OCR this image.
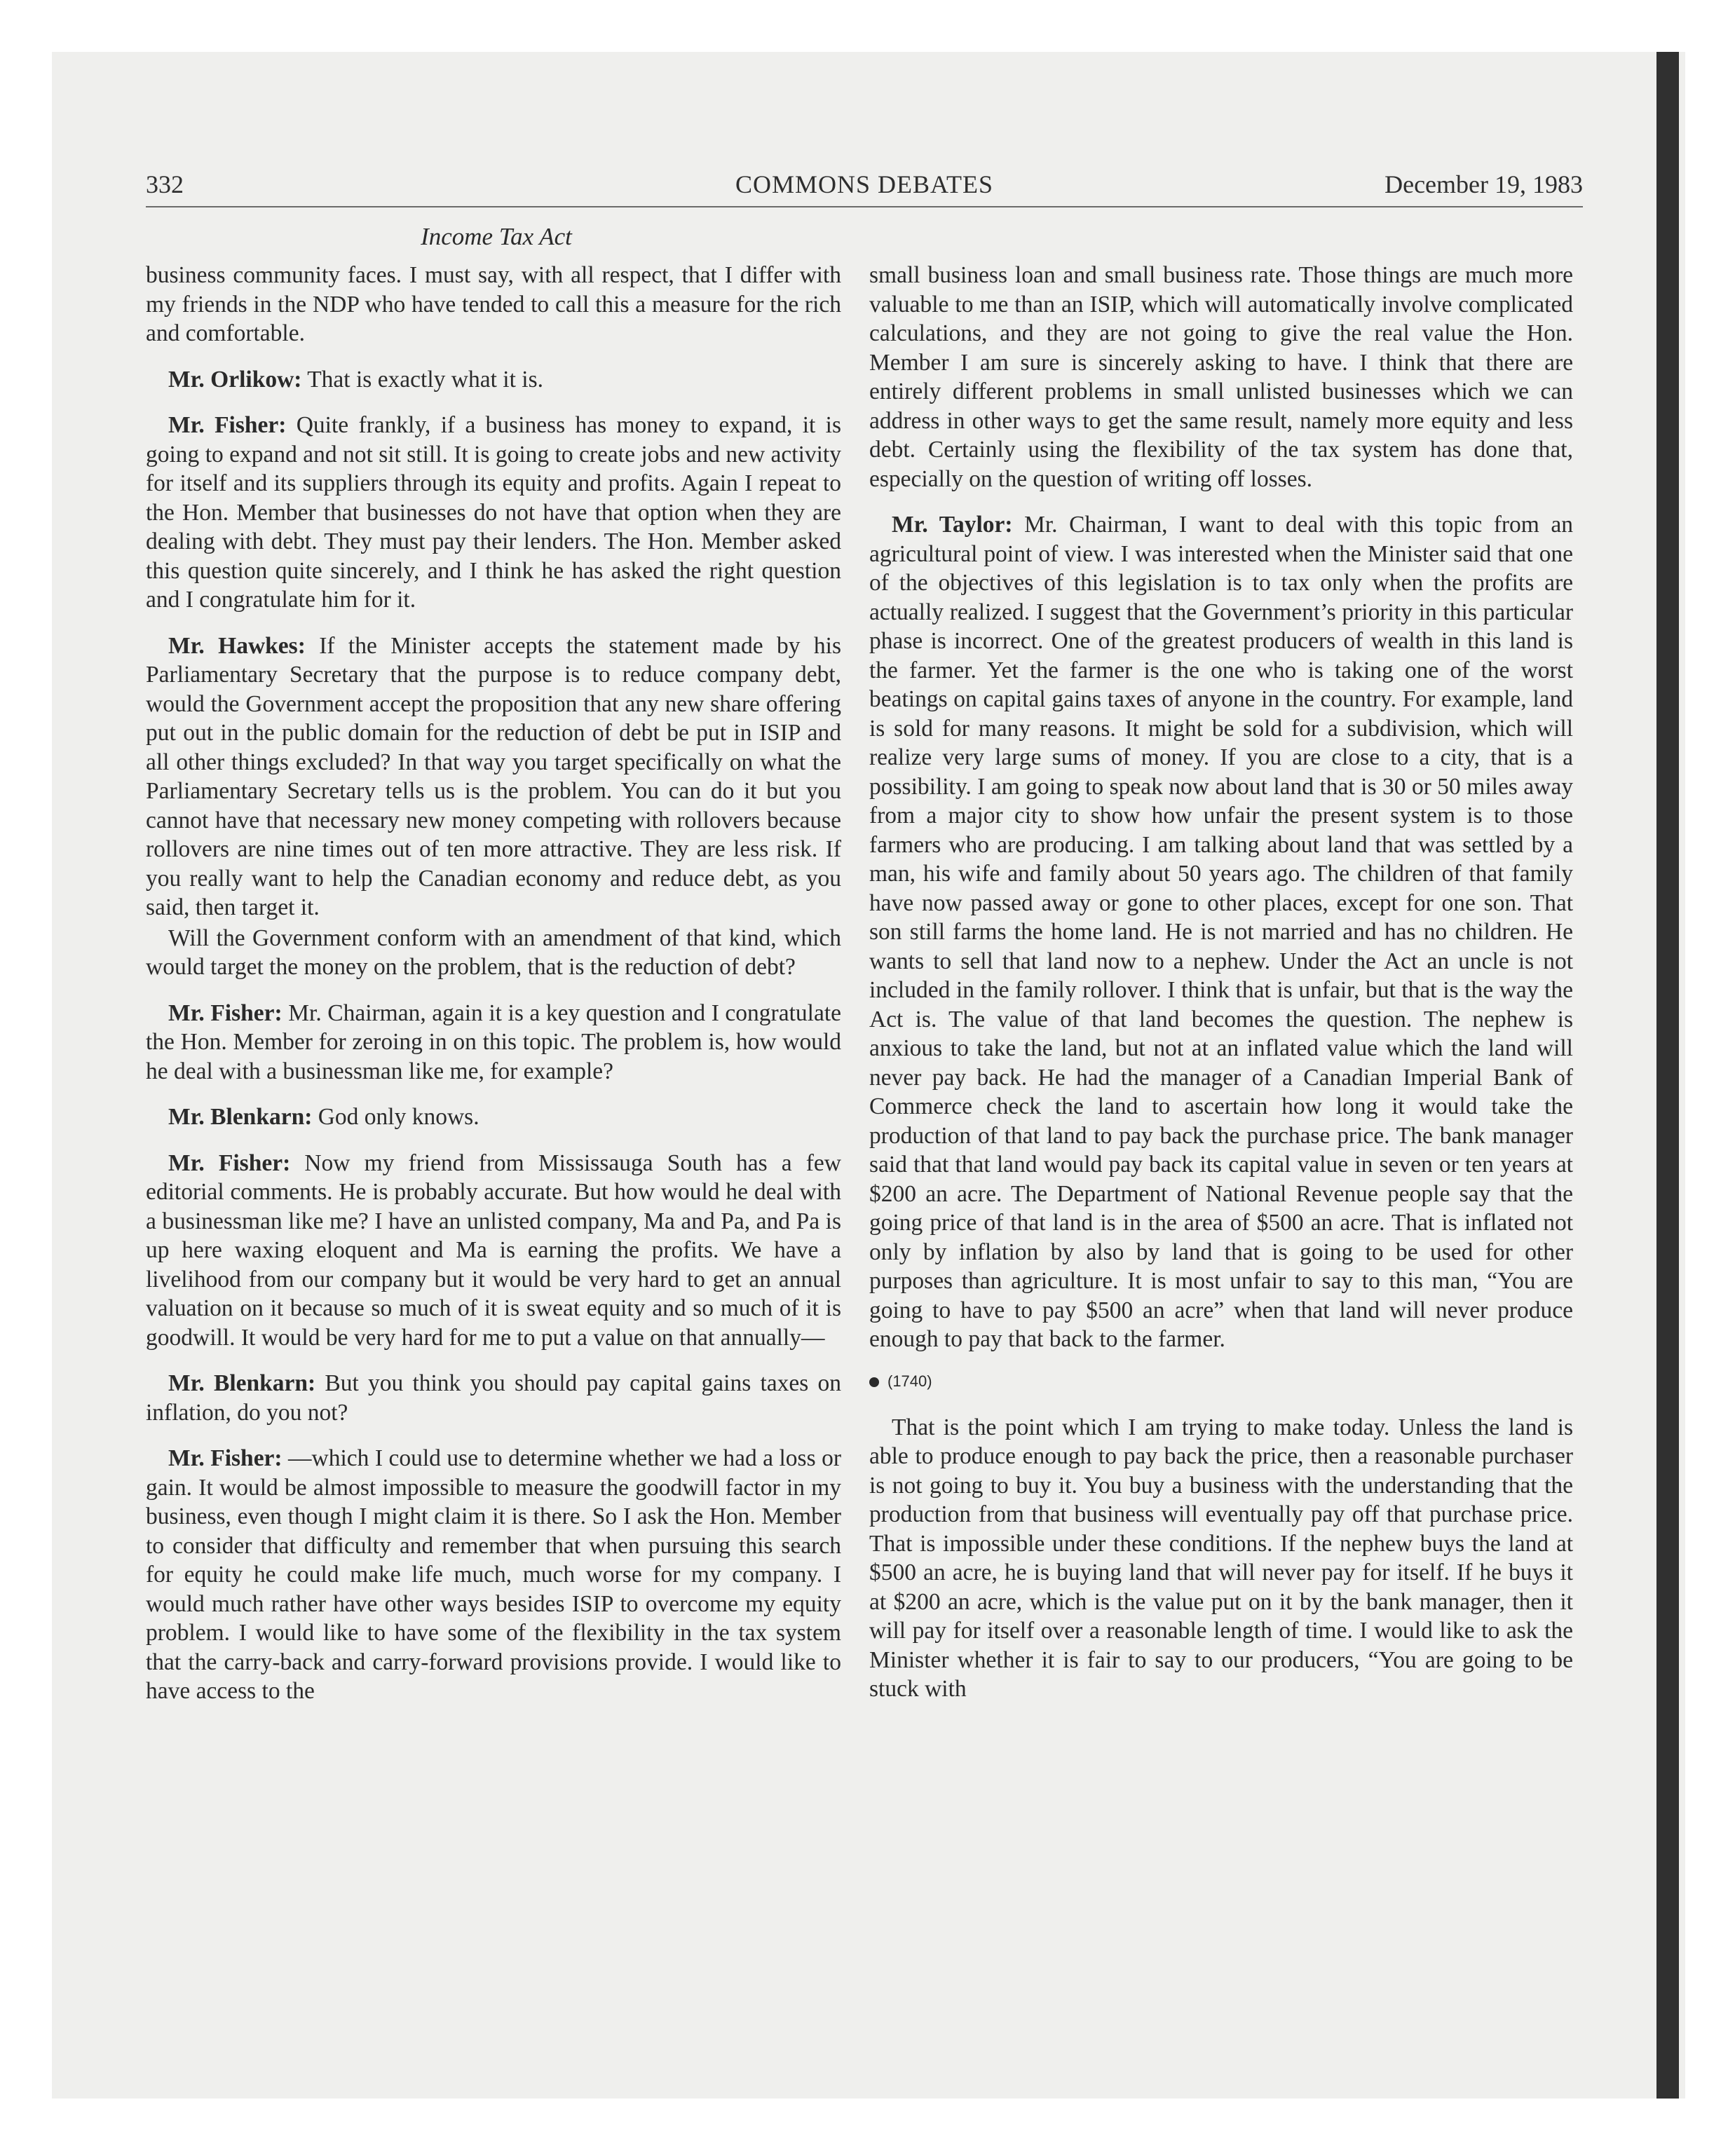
332	COMMONS DEBATES	December 19, 1983
Income Tax Act

business community faces. I must say, with all respect, that I differ with my friends in the NDP who have tended to call this a measure for the rich and comfortable.

Mr. Orlikow: That is exactly what it is.

Mr. Fisher: Quite frankly, if a business has money to expand, it is going to expand and not sit still. It is going to create jobs and new activity for itself and its suppliers through its equity and profits. Again I repeat to the Hon. Member that businesses do not have that option when they are dealing with debt. They must pay their lenders. The Hon. Member asked this question quite sincerely, and I think he has asked the right question and I congratulate him for it.

Mr. Hawkes: If the Minister accepts the statement made by his Parliamentary Secretary that the purpose is to reduce company debt, would the Government accept the proposition that any new share offering put out in the public domain for the reduction of debt be put in ISIP and all other things excluded? In that way you target specifically on what the Parliamentary Secretary tells us is the problem. You can do it but you cannot have that necessary new money competing with rollovers because rollovers are nine times out of ten more attractive. They are less risk. If you really want to help the Canadian economy and reduce debt, as you said, then target it.

Will the Government conform with an amendment of that kind, which would target the money on the problem, that is the reduction of debt?

Mr. Fisher: Mr. Chairman, again it is a key question and I congratulate the Hon. Member for zeroing in on this topic. The problem is, how would he deal with a businessman like me, for example?

Mr. Blenkarn: God only knows.

Mr. Fisher: Now my friend from Mississauga South has a few editorial comments. He is probably accurate. But how would he deal with a businessman like me? I have an unlisted company, Ma and Pa, and Pa is up here waxing eloquent and Ma is earning the profits. We have a livelihood from our company but it would be very hard to get an annual valuation on it because so much of it is sweat equity and so much of it is goodwill. It would be very hard for me to put a value on that annually—

Mr. Blenkarn: But you think you should pay capital gains taxes on inflation, do you not?

Mr. Fisher: —which I could use to determine whether we had a loss or gain. It would be almost impossible to measure the goodwill factor in my business, even though I might claim it is there. So I ask the Hon. Member to consider that difficulty and remember that when pursuing this search for equity he could make life much, much worse for my company. I would much rather have other ways besides ISIP to overcome my equity problem. I would like to have some of the flexibility in the tax system that the carry-back and carry-forward provisions provide. I would like to have access to the

small business loan and small business rate. Those things are much more valuable to me than an ISIP, which will automatically involve complicated calculations, and they are not going to give the real value the Hon. Member I am sure is sincerely asking to have. I think that there are entirely different problems in small unlisted businesses which we can address in other ways to get the same result, namely more equity and less debt. Certainly using the flexibility of the tax system has done that, especially on the question of writing off losses.

Mr. Taylor: Mr. Chairman, I want to deal with this topic from an agricultural point of view. I was interested when the Minister said that one of the objectives of this legislation is to tax only when the profits are actually realized. I suggest that the Government’s priority in this particular phase is incorrect. One of the greatest producers of wealth in this land is the farmer. Yet the farmer is the one who is taking one of the worst beatings on capital gains taxes of anyone in the country. For example, land is sold for many reasons. It might be sold for a subdivision, which will realize very large sums of money. If you are close to a city, that is a possibility. I am going to speak now about land that is 30 or 50 miles away from a major city to show how unfair the present system is to those farmers who are producing. I am talking about land that was settled by a man, his wife and family about 50 years ago. The children of that family have now passed away or gone to other places, except for one son. That son still farms the home land. He is not married and has no children. He wants to sell that land now to a nephew. Under the Act an uncle is not included in the family rollover. I think that is unfair, but that is the way the Act is. The value of that land becomes the question. The nephew is anxious to take the land, but not at an inflated value which the land will never pay back. He had the manager of a Canadian Imperial Bank of Commerce check the land to ascertain how long it would take the production of that land to pay back the purchase price. The bank manager said that that land would pay back its capital value in seven or ten years at $200 an acre. The Department of National Revenue people say that the going price of that land is in the area of $500 an acre. That is inflated not only by inflation by also by land that is going to be used for other purposes than agriculture. It is most unfair to say to this man, “You are going to have to pay $500 an acre” when that land will never produce enough to pay that back to the farmer.

(1740)

That is the point which I am trying to make today. Unless the land is able to produce enough to pay back the price, then a reasonable purchaser is not going to buy it. You buy a business with the understanding that the production from that business will eventually pay off that purchase price. That is impossible under these conditions. If the nephew buys the land at $500 an acre, he is buying land that will never pay for itself. If he buys it at $200 an acre, which is the value put on it by the bank manager, then it will pay for itself over a reasonable length of time. I would like to ask the Minister whether it is fair to say to our producers, “You are going to be stuck with
